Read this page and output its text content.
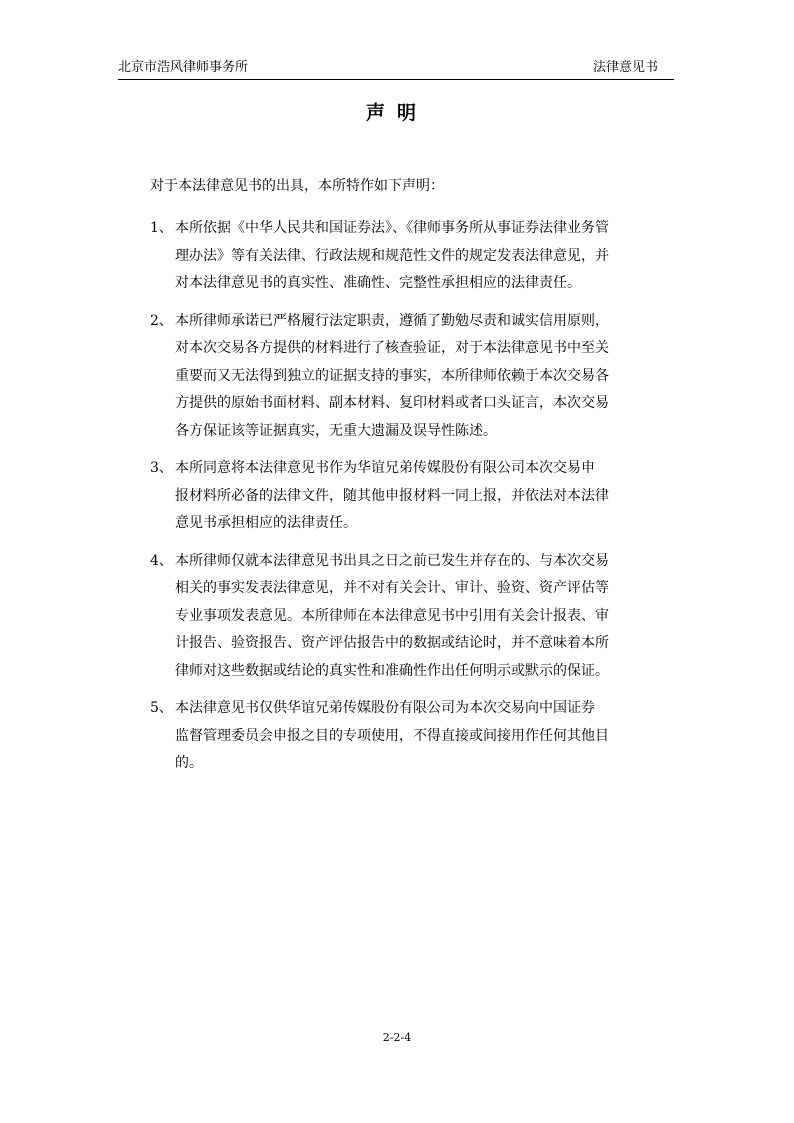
北京市浩风律师事务所	法律意见书
声明
对于本法律意见书的出具，本所特作如下声明：
1、 本所依据《中华人民共和国证券法》、《律师事务所从事证券法律业务管
理办法》等有关法律、行政法规和规范性文件的规定发表法律意见，并
对本法律意见书的真实性、准确性、完整性承担相应的法律责任。
2、 本所律师承诺已严格履行法定职责，遵循了勤勉尽责和诚实信用原则，
对本次交易各方提供的材料进行了核查验证，对于本法律意见书中至关
重要而又无法得到独立的证据支持的事实，本所律师依赖于本次交易各
方提供的原始书面材料、副本材料、复印材料或者口头证言，本次交易
各方保证该等证据真实，无重大遗漏及误导性陈述。
3、 本所同意将本法律意见书作为华谊兄弟传媒股份有限公司本次交易申
报材料所必备的法律文件，随其他申报材料一同上报，并依法对本法律
意见书承担相应的法律责任。
4、 本所律师仅就本法律意见书出具之日之前已发生并存在的、与本次交易
相关的事实发表法律意见，并不对有关会计、审计、验资、资产评估等
专业事项发表意见。本所律师在本法律意见书中引用有关会计报表、审
计报告、验资报告、资产评估报告中的数据或结论时，并不意味着本所
律师对这些数据或结论的真实性和准确性作出任何明示或默示的保证。
5、 本法律意见书仅供华谊兄弟传媒股份有限公司为本次交易向中国证券
监督管理委员会申报之目的专项使用，不得直接或间接用作任何其他目
的。
2-2-4
